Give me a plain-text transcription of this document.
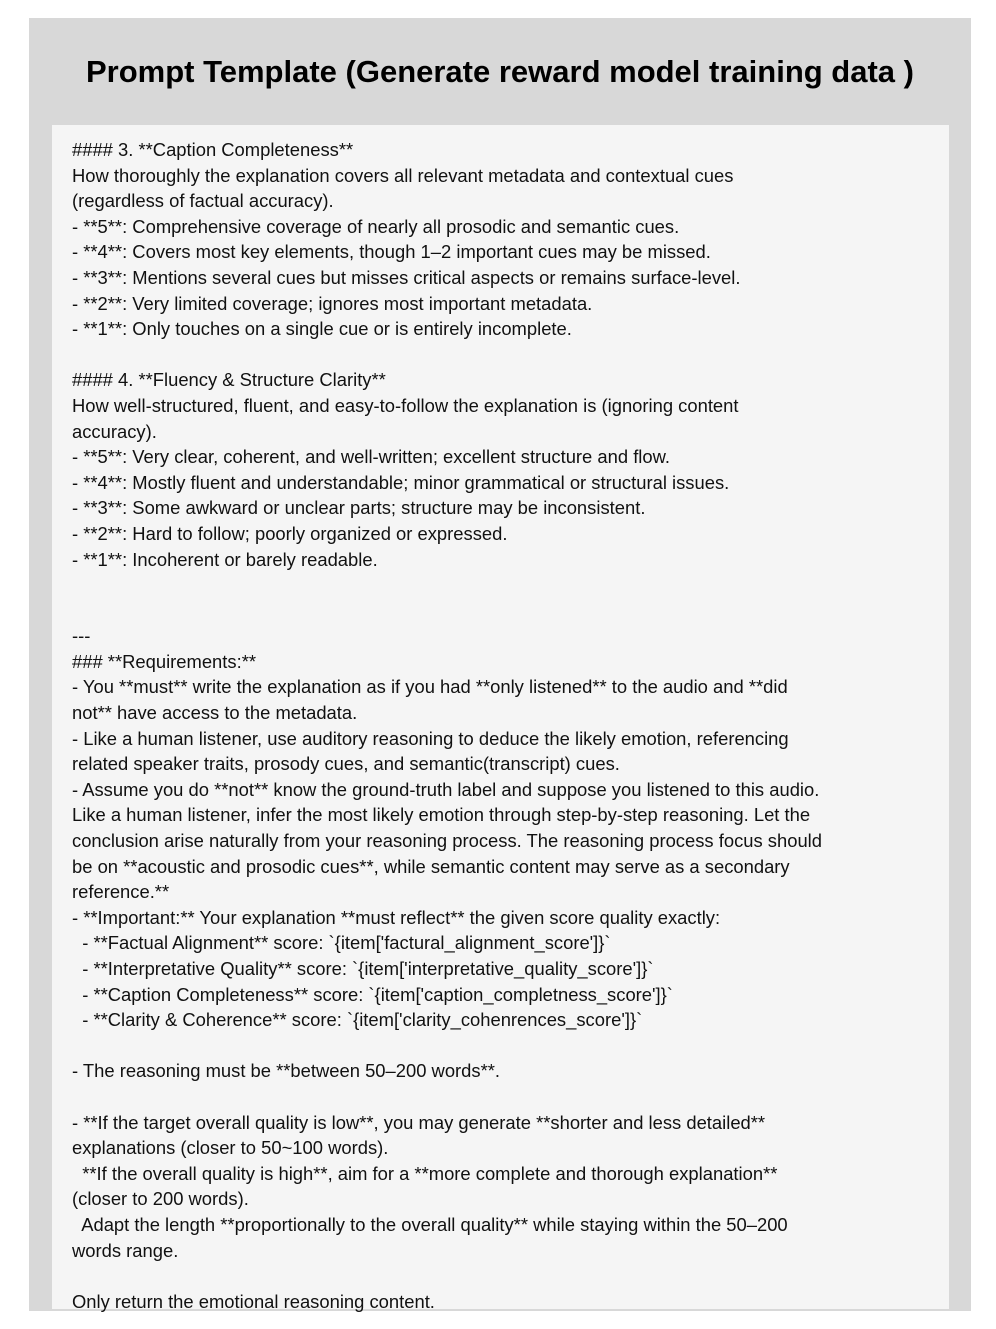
Prompt Template (Generate reward model training data )
#### 3. **Caption Completeness**
How thoroughly the explanation covers all relevant metadata and contextual cues
(regardless of factual accuracy).
- **5**: Comprehensive coverage of nearly all prosodic and semantic cues.
- **4**: Covers most key elements, though 1–2 important cues may be missed.
- **3**: Mentions several cues but misses critical aspects or remains surface-level.
- **2**: Very limited coverage; ignores most important metadata.
- **1**: Only touches on a single cue or is entirely incomplete.
#### 4. **Fluency & Structure Clarity**
How well-structured, fluent, and easy-to-follow the explanation is (ignoring content
accuracy).
- **5**: Very clear, coherent, and well-written; excellent structure and flow.
- **4**: Mostly fluent and understandable; minor grammatical or structural issues.
- **3**: Some awkward or unclear parts; structure may be inconsistent.
- **2**: Hard to follow; poorly organized or expressed.
- **1**: Incoherent or barely readable.
---
### **Requirements:**
- You **must** write the explanation as if you had **only listened** to the audio and **did
not** have access to the metadata.
- Like a human listener, use auditory reasoning to deduce the likely emotion, referencing
related speaker traits, prosody cues, and semantic(transcript) cues.
- Assume you do **not** know the ground-truth label and suppose you listened to this audio.
Like a human listener, infer the most likely emotion through step-by-step reasoning. Let the
conclusion arise naturally from your reasoning process. The reasoning process focus should
be on **acoustic and prosodic cues**, while semantic content may serve as a secondary
reference.**
- **Important:** Your explanation **must reflect** the given score quality exactly:
- **Factual Alignment** score: `{item['factural_alignment_score']}`
- **Interpretative Quality** score: `{item['interpretative_quality_score']}`
- **Caption Completeness** score: `{item['caption_completness_score']}`
- **Clarity & Coherence** score: `{item['clarity_cohenrences_score']}`
- The reasoning must be **between 50–200 words**.
- **If the target overall quality is low**, you may generate **shorter and less detailed**
explanations (closer to 50~100 words).
**If the overall quality is high**, aim for a **more complete and thorough explanation**
(closer to 200 words).
Adapt the length **proportionally to the overall quality** while staying within the 50–200
words range.
Only return the emotional reasoning content.
